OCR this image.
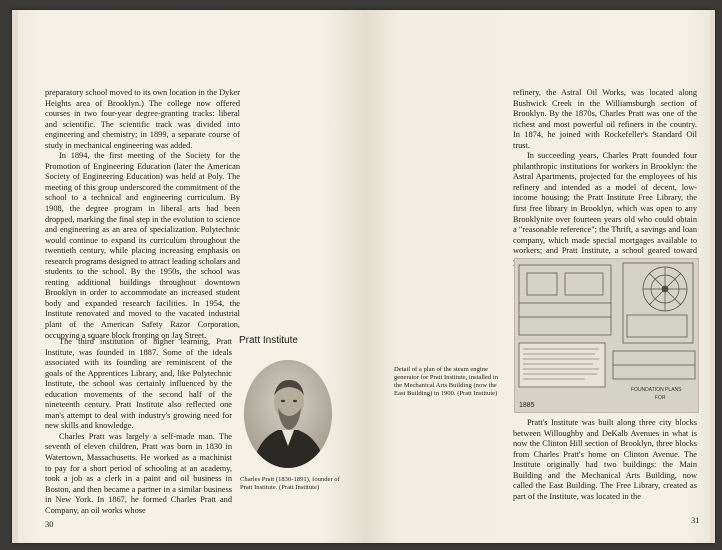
preparatory school moved to its own location in the Dyker Heights area of Brooklyn.) The college now offered courses in two four-year degree-granting tracks: liberal and scientific. The scientific track was divided into engineering and chemistry; in 1899, a separate course of study in mechanical engineering was added.

In 1894, the first meeting of the Society for the Promotion of Engineering Education (later the American Society of Engineering Education) was held at Poly. The meeting of this group underscored the commitment of the school to a technical and engineering curriculum. By 1908, the degree program in liberal arts had been dropped, marking the final step in the evolution to science and engineering as an area of specialization. Polytechnic would continue to expand its curriculum throughout the twentieth century, while placing increasing emphasis on research programs designed to attract leading scholars and students to the school. By the 1950s, the school was renting additional buildings throughout downtown Brooklyn in order to accommodate an increased student body and expanded research facilities. In 1954, the Institute renovated and moved to the vacated industrial plant of the American Safety Razor Corporation, occupying a square block fronting on Jay Street.

The third institution of higher learning, Pratt Institute, was founded in 1887. Some of the ideals associated with its founding are reminiscent of the goals of the Apprentices Library, and, like Polytechnic Institute, the school was certainly influenced by the education movements of the second half of the nineteenth century. Pratt Institute also reflected one man's attempt to deal with industry's growing need for new skills and knowledge.

Charles Pratt was largely a self-made man. The seventh of eleven children, Pratt was born in 1830 in Watertown, Massachusetts. He worked as a machinist to pay for a short period of schooling at an academy, took a job as a clerk in a paint and oil business in Boston, and then became a partner in a similar business in New York. In 1867, he formed Charles Pratt and Company, an oil works whose

Pratt Institute
Charles Pratt (1830-1891), founder of Pratt Institute. (Pratt Institute)
30

refinery, the Astral Oil Works, was located along Bushwick Creek in the Williamsburgh section of Brooklyn. By the 1870s, Charles Pratt was one of the richest and most powerful oil refiners in the country. In 1874, he joined with Rockefeller's Standard Oil trust.

In succeeding years, Charles Pratt founded four philanthropic institutions for workers in Brooklyn: the Astral Apartments, projected for the employees of his refinery and intended as a model of decent, low-income housing; the Pratt Institute Free Library, the first free library in Brooklyn, which was open to any Brooklynite over fourteen years old who could obtain a "reasonable reference"; the Thrift, a savings and loan company, which made special mortgages available to workers; and Pratt Institute, a school geared toward

Detail of a plan of the steam engine generator for Pratt Institute, installed in the Mechanical Arts Building (now the East Building) in 1900. (Pratt Institute)

Pratt's Institute was built along three city blocks between Willoughby and DeKalb Avenues in what is now the Clinton Hill section of Brooklyn, three blocks from Charles Pratt's home on Clinton Avenue. The Institute originally had two buildings: the Main Building and the Mechanical Arts Building, now called the East Building. The Free Library, created as part of the Institute, was located in the

31
FOUNDATION PLANS
FOR
1885
